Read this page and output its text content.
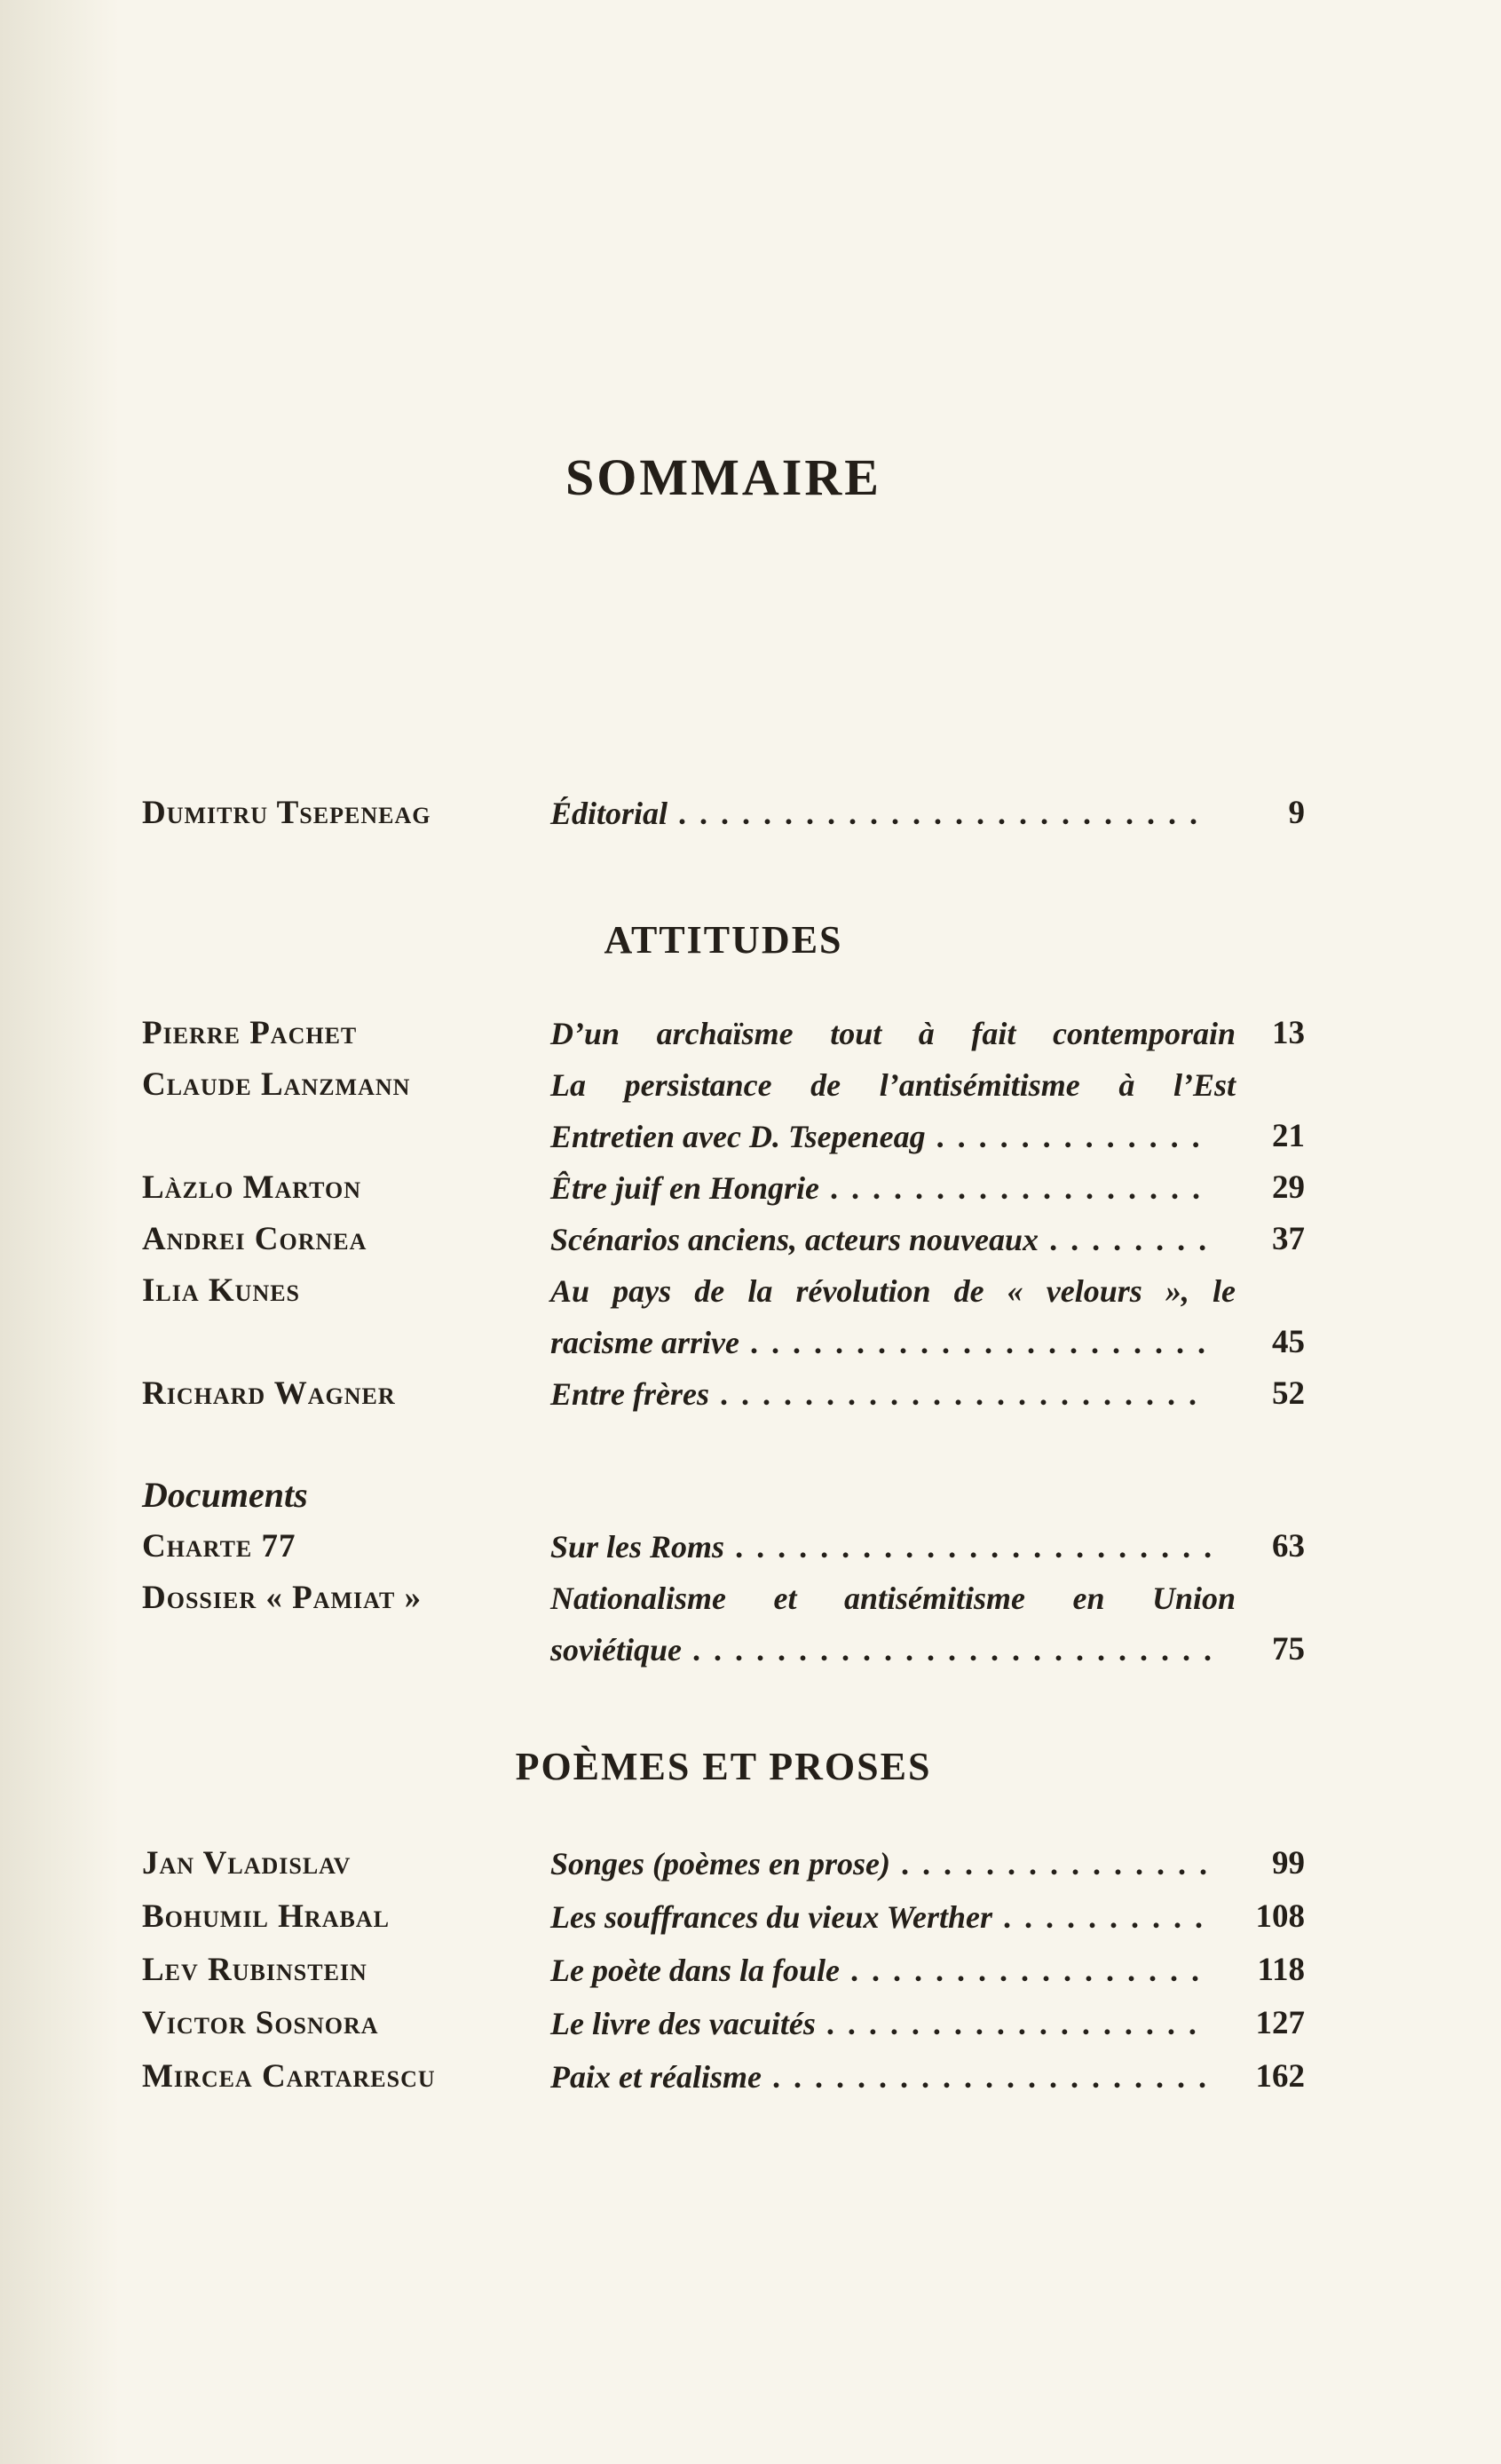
SOMMAIRE
Dumitru Tsepeneag	Éditorial .....	9
ATTITUDES
Pierre Pachet	D’un archaïsme tout à fait contemporain	13
Claude Lanzmann	La persistance de l’antisémitisme à l’Est
Entretien avec D. Tsepeneag .....	21
Làzlo Marton	Être juif en Hongrie .....	29
Andrei Cornea	Scénarios anciens, acteurs nouveaux .....	37
Ilia Kunes	Au pays de la révolution de « velours », le
racisme arrive .....	45
Richard Wagner	Entre frères .....	52
Documents
Charte 77	Sur les Roms .....	63
Dossier « Pamiat »	Nationalisme et antisémitisme en Union
soviétique .....	75
POÈMES ET PROSES
Jan Vladislav	Songes (poèmes en prose) .....	99
Bohumil Hrabal	Les souffrances du vieux Werther .....	108
Lev Rubinstein	Le poète dans la foule .....	118
Victor Sosnora	Le livre des vacuités .....	127
Mircea Cartarescu	Paix et réalisme .....	162
